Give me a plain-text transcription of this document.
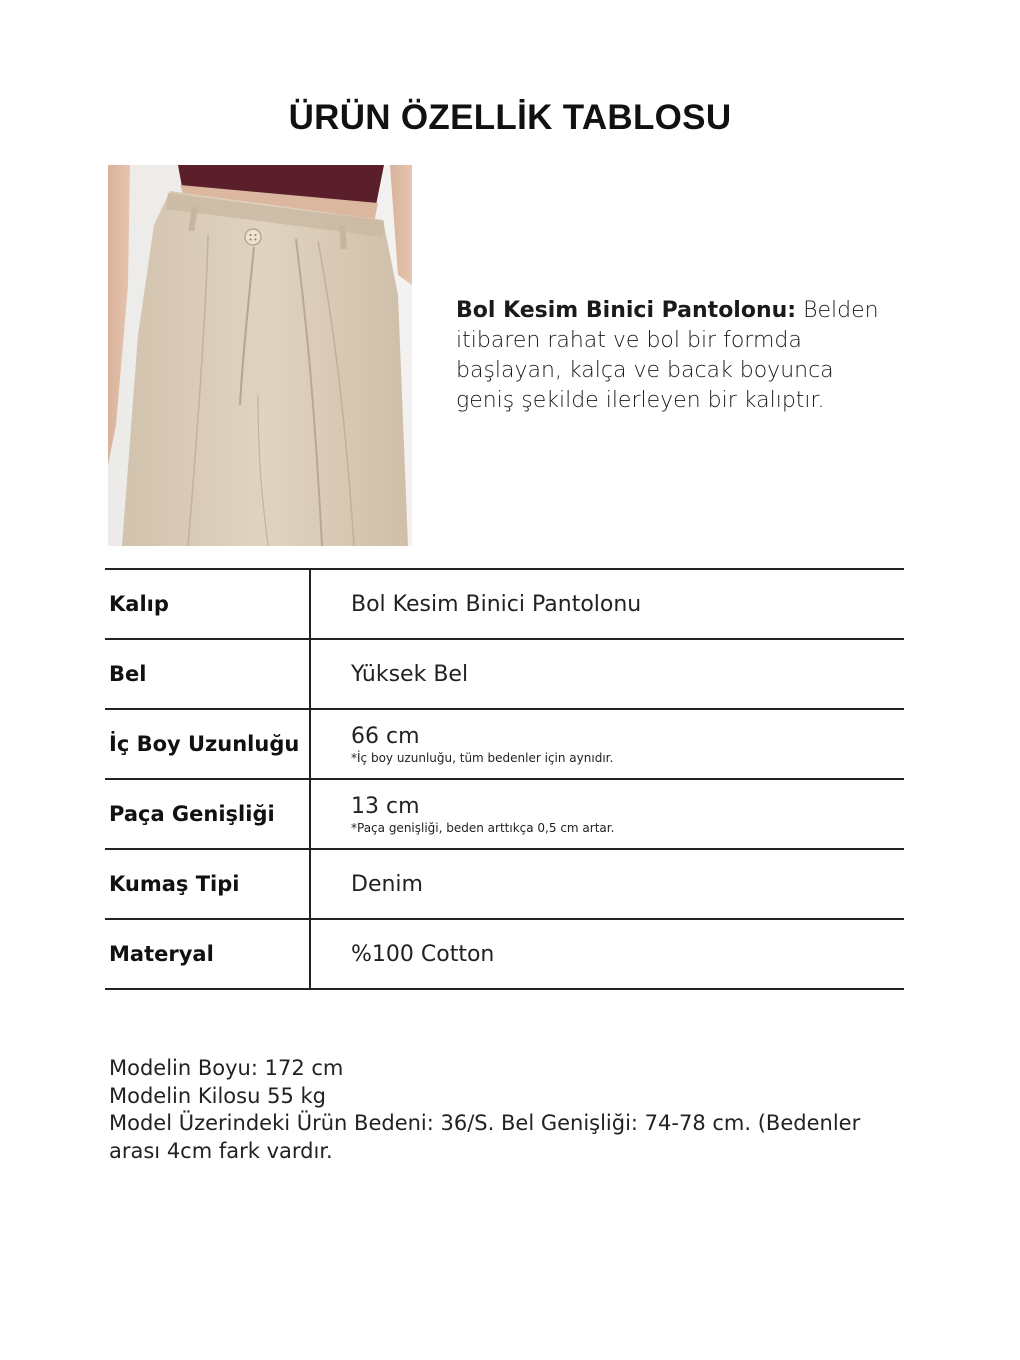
ÜRÜN ÖZELLİK TABLOSU
Bol Kesim Binici Pantolonu: Belden itibaren rahat ve bol bir formda başlayan, kalça ve bacak boyunca geniş şekilde ilerleyen bir kalıptır.
Kalıp	Bol Kesim Binici Pantolonu
Bel	Yüksek Bel
İç Boy Uzunluğu	66 cm
*İç boy uzunluğu, tüm bedenler için aynıdır.

Paça Genişliği	13 cm
*Paça genişliği, beden arttıkça 0,5 cm artar.

Kumaş Tipi	Denim
Materyal	%100 Cotton
Modelin Boyu: 172 cm
Modelin Kilosu 55 kg
Model Üzerindeki Ürün Bedeni: 36/S. Bel Genişliği: 74-78 cm. (Bedenler
arası 4cm fark vardır.
